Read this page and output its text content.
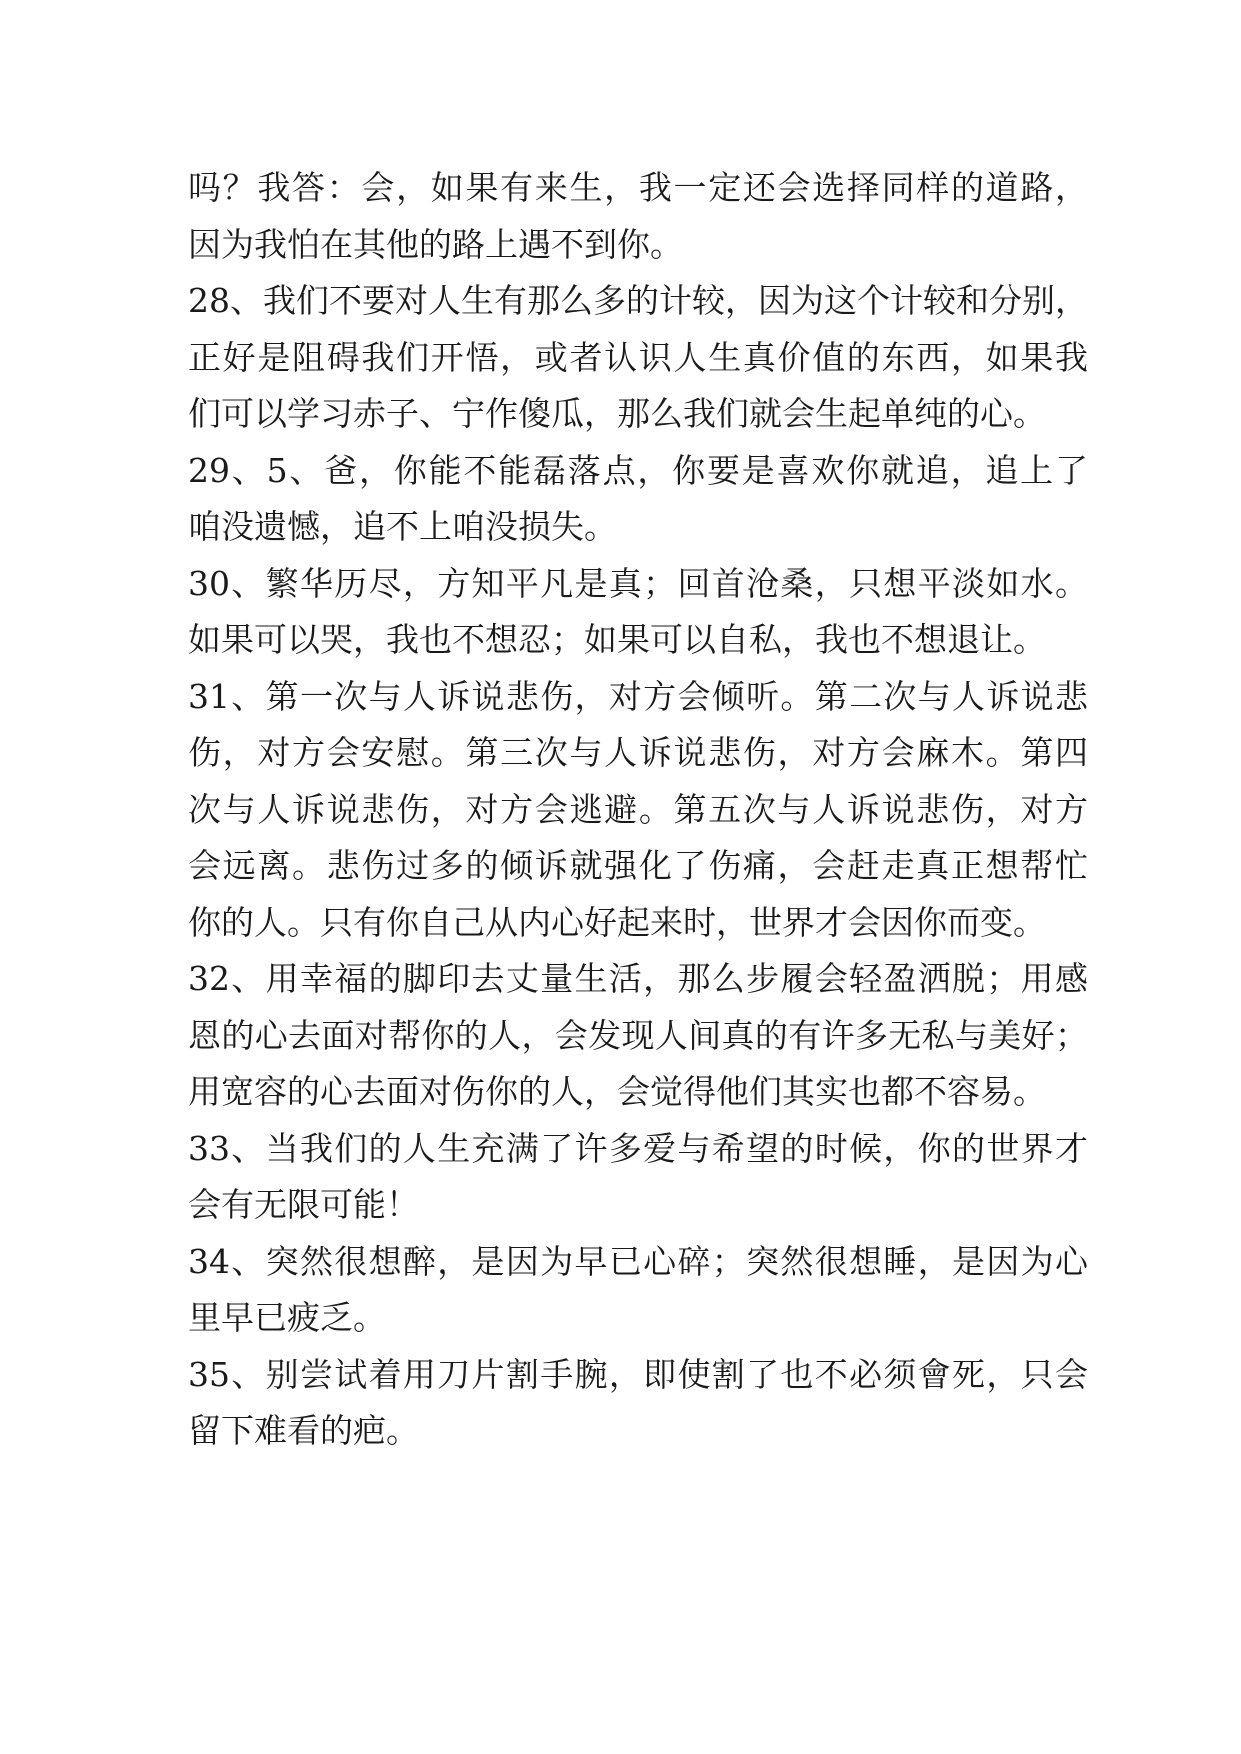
吗？我答：会，如果有来生，我一定还会选择同样的道路，
因为我怕在其他的路上遇不到你。
28、我们不要对人生有那么多的计较，因为这个计较和分别，
正好是阻碍我们开悟，或者认识人生真价值的东西，如果我
们可以学习赤子、宁作傻瓜，那么我们就会生起单纯的心。
29、5、爸，你能不能磊落点，你要是喜欢你就追，追上了
咱没遗憾，追不上咱没损失。
30、繁华历尽，方知平凡是真；回首沧桑，只想平淡如水。
如果可以哭，我也不想忍；如果可以自私，我也不想退让。
31、第一次与人诉说悲伤，对方会倾听。第二次与人诉说悲
伤，对方会安慰。第三次与人诉说悲伤，对方会麻木。第四
次与人诉说悲伤，对方会逃避。第五次与人诉说悲伤，对方
会远离。悲伤过多的倾诉就强化了伤痛，会赶走真正想帮忙
你的人。只有你自己从内心好起来时，世界才会因你而变。
32、用幸福的脚印去丈量生活，那么步履会轻盈洒脱；用感
恩的心去面对帮你的人，会发现人间真的有许多无私与美好；
用宽容的心去面对伤你的人，会觉得他们其实也都不容易。
33、当我们的人生充满了许多爱与希望的时候，你的世界才
会有无限可能！
34、突然很想醉，是因为早已心碎；突然很想睡，是因为心
里早已疲乏。
35、别尝试着用刀片割手腕，即使割了也不必须會死，只会
留下难看的疤。
